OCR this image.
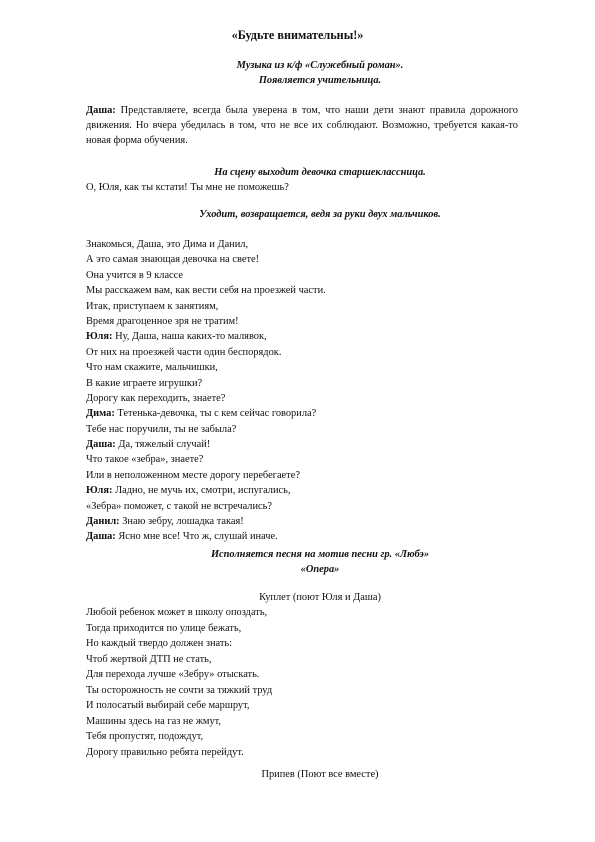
«Будьте внимательны!»
Музыка из к/ф «Служебный роман».
Появляется учительница.
Даша: Представляете, всегда была уверена в том, что наши дети знают правила дорожного движения. Но вчера убедилась в том, что не все их соблюдают. Возможно, требуется какая-то новая форма обучения.
На сцену выходит девочка старшеклассница.
О, Юля, как ты кстати! Ты мне не поможешь?
Уходит, возвращается, ведя за руки двух мальчиков.
Знакомься, Даша, это Дима и Данил,
А это самая знающая девочка на свете!
Она учится в 9 классе
Мы расскажем вам, как вести себя на проезжей части.
Итак, приступаем к занятиям,
Время драгоценное зря не тратим!
Юля: Ну, Даша, наша каких-то малявок,
От них на проезжей части один беспорядок.
Что нам скажите, мальчишки,
В какие играете игрушки?
Дорогу как переходить, знаете?
Дима: Тетенька-девочка, ты с кем сейчас говорила?
Тебе нас поручили, ты не забыла?
Даша: Да, тяжелый случай!
Что такое «зебра», знаете?
Или в неположенном месте дорогу перебегаете?
Юля: Ладно, не мучь их, смотри, испугались,
«Зебра» поможет, с такой не встречались?
Данил: Знаю зебру, лошадка такая!
Даша: Ясно мне все! Что ж, слушай иначе.
Исполняется песня на мотив песни гр. «Любэ»
«Опера»
Куплет (поют Юля и Даша)
Любой ребенок может в школу опоздать,
Тогда приходится по улице бежать,
Но каждый твердо должен знать:
Чтоб жертвой ДТП не стать,
Для перехода лучше «Зебру» отыскать.
Ты осторожность не сочти за тяжкий труд
И полосатый выбирай себе маршрут,
Машины здесь на газ не жмут,
Тебя пропустят, подождут,
Дорогу правильно ребята перейдут.
Припев (Поют все вместе)
